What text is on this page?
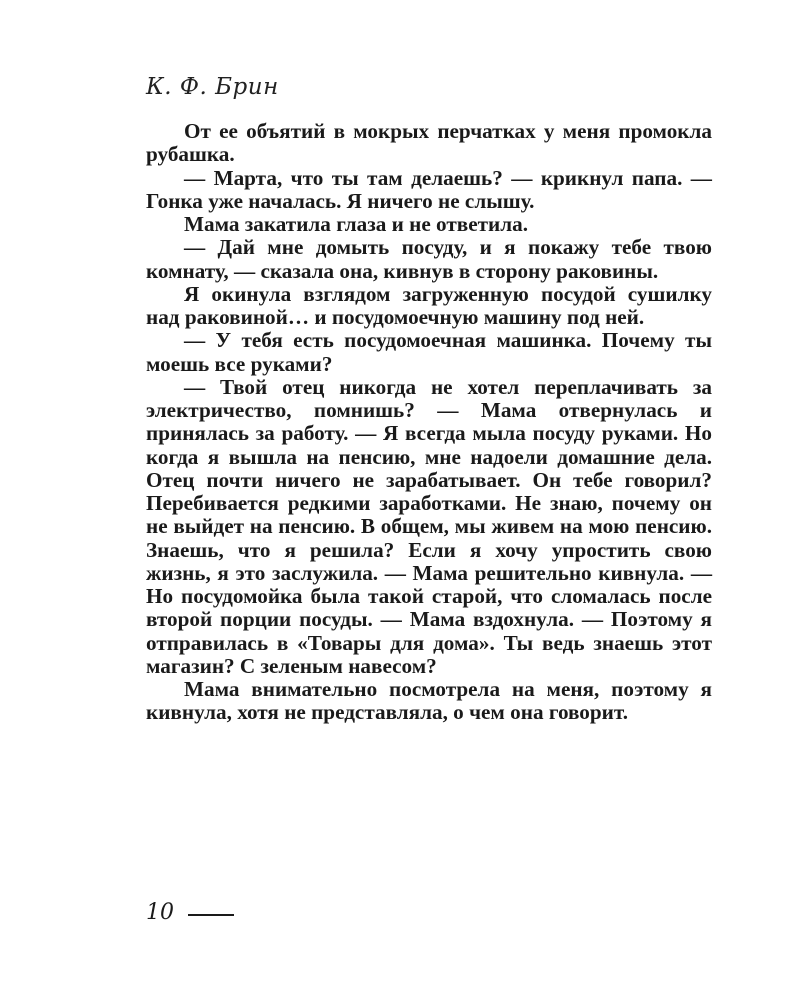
К. Ф. Брин

От ее объятий в мокрых перчатках у меня промокла рубашка.

— Марта, что ты там делаешь? — крикнул папа. — Гонка уже началась. Я ничего не слышу.

Мама закатила глаза и не ответила.

— Дай мне домыть посуду, и я покажу тебе твою комнату, — сказала она, кивнув в сторону раковины.

Я окинула взглядом загруженную посудой сушилку над раковиной… и посудомоечную машину под ней.

— У тебя есть посудомоечная машинка. Почему ты моешь все руками?

— Твой отец никогда не хотел переплачивать за электричество, помнишь? — Мама отвернулась и принялась за работу. — Я всегда мыла посуду руками. Но когда я вышла на пенсию, мне надоели домашние дела. Отец почти ничего не зарабатывает. Он тебе говорил? Перебивается редкими заработками. Не знаю, почему он не выйдет на пенсию. В общем, мы живем на мою пенсию. Знаешь, что я решила? Если я хочу упростить свою жизнь, я это заслужила. — Мама решительно кивнула. — Но посудомойка была такой старой, что сломалась после второй порции посуды. — Мама вздохнула. — Поэтому я отправилась в «Товары для дома». Ты ведь знаешь этот магазин? С зеленым навесом?

Мама внимательно посмотрела на меня, поэтому я кивнула, хотя не представляла, о чем она говорит.

10
